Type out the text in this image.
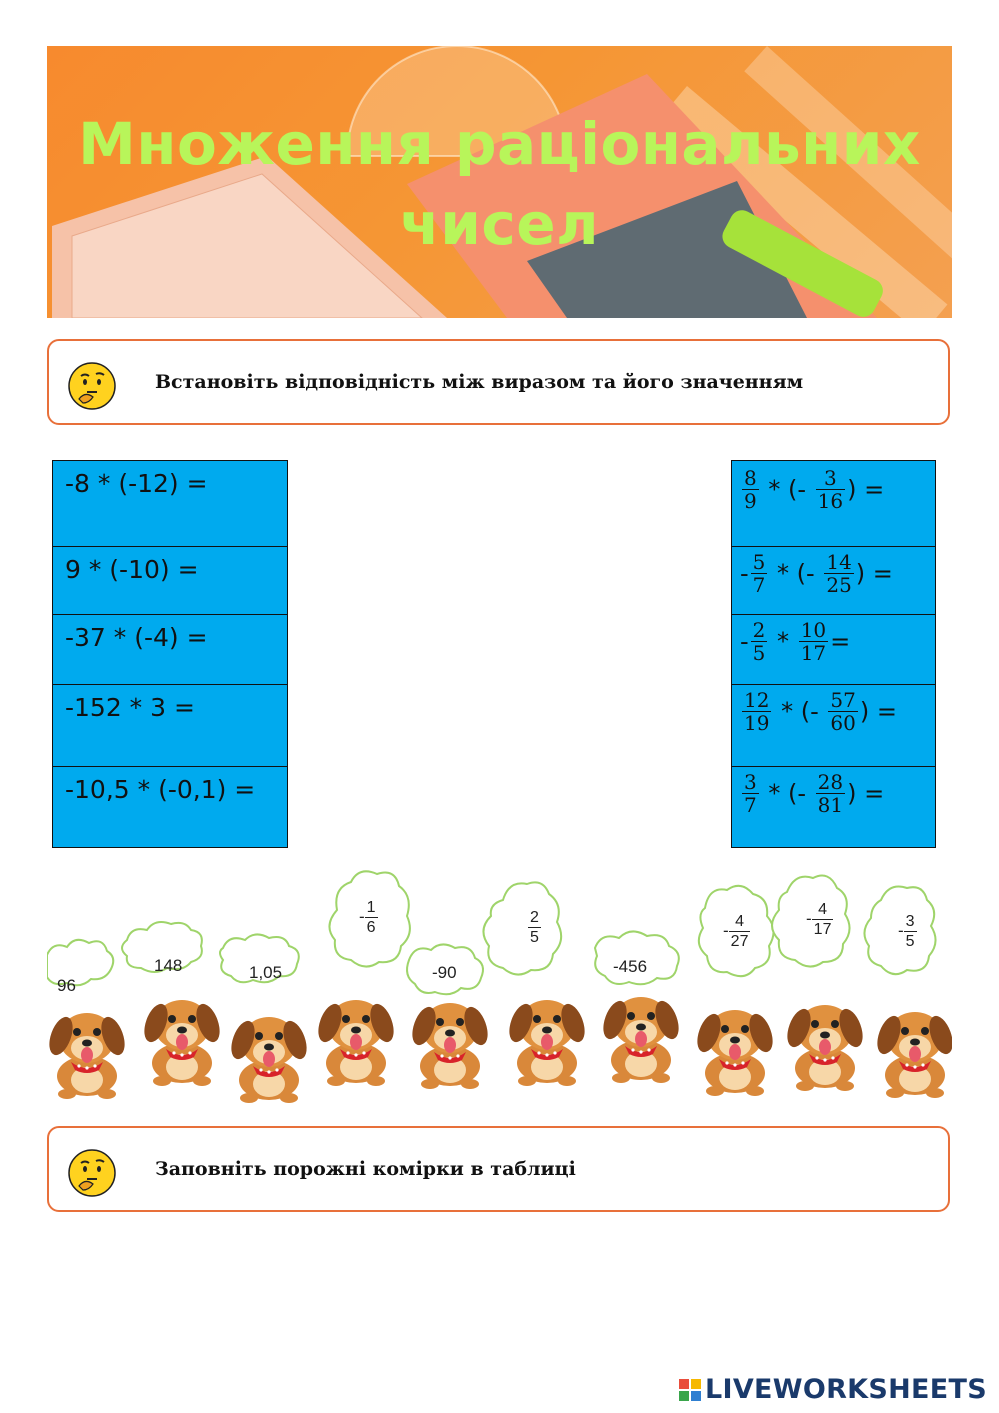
Множення раціональних
чисел
Встановіть відповідність між виразом та його значенням
-8 * (-12) =
9 * (-10) =
-37 * (-4) =
-152 * 3 =
-10,5 * (-0,1) =
$\frac{8}{9}$ * (- $\frac{3}{16}$ ) =
- $\frac{5}{7}$ * (- $\frac{14}{25}$ ) =
- $\frac{2}{5} * \frac{10}{17}$ =
$\frac{12}{19}$ * (- $\frac{57}{60}$ ) =
$\frac{3}{7}$ * (- $\frac{28}{81}$ ) =
96
148	1,05
- $\frac{1}{6}$
-90
$\frac{2}{5}$
-456
- $\frac{4}{27}$	- $\frac{4}{17}$	- $\frac{3}{5}$
Заповніть порожні комірки в таблиці
LIVEWORKSHEETS
